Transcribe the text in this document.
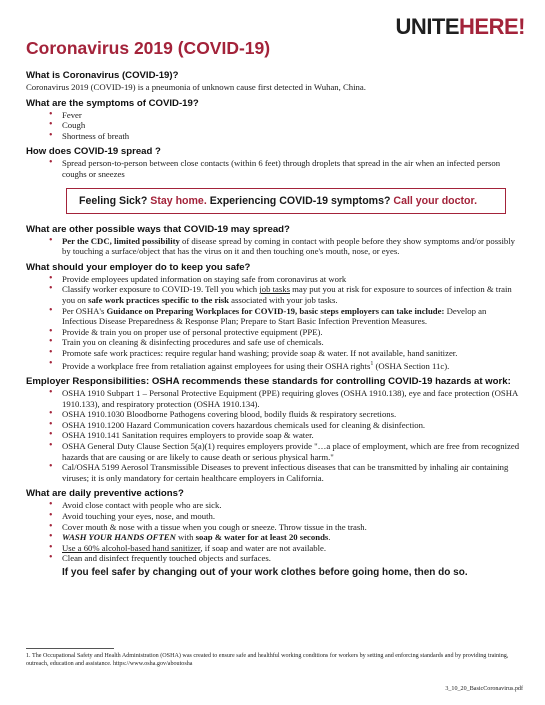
UNITEHERE!
Coronavirus 2019 (COVID-19)
What is Coronavirus (COVID-19)?

Coronavirus 2019 (COVID-19) is a pneumonia of unknown cause first detected in Wuhan, China.

What are the symptoms of COVID-19?
• Fever
• Cough
• Shortness of breath
How does COVID-19 spread ?
• Spread person-to-person between close contacts (within 6 feet) through droplets that spread in the air when an infected person coughs or sneezes
Feeling Sick? Stay home. Experiencing COVID-19 symptoms? Call your doctor.
What are other possible ways that COVID-19 may spread?
• Per the CDC, limited possibility of disease spread by coming in contact with people before they show symptoms and/or possibly by touching a surface/object that has the virus on it and then touching one's mouth, nose, or eyes.
What should your employer do to keep you safe?
• Provide employees updated information on staying safe from coronavirus at work
• Classify worker exposure to COVID-19. Tell you which job tasks may put you at risk for exposure to sources of infection & train you on safe work practices specific to the risk associated with your job tasks.
• Per OSHA's Guidance on Preparing Workplaces for COVID-19, basic steps employers can take include: Develop an Infectious Disease Preparedness & Response Plan; Prepare to Start Basic Infection Prevention Measures.
• Provide & train you on proper use of personal protective equipment (PPE).
• Train you on cleaning & disinfecting procedures and safe use of chemicals.
• Promote safe work practices: require regular hand washing; provide soap & water. If not available, hand sanitizer.
• Provide a workplace free from retaliation against employees for using their OSHA rights$^1$ (OSHA Section 11c).
Employer Responsibilities: OSHA recommends these standards for controlling COVID-19 hazards at work:
• OSHA 1910 Subpart 1 – Personal Protective Equipment (PPE) requiring gloves (OSHA 1910.138), eye and face protection (OSHA 1910.133), and respiratory protection (OSHA 1910.134).
• OSHA 1910.1030 Bloodborne Pathogens covering blood, bodily fluids & respiratory secretions.
• OSHA 1910.1200 Hazard Communication covers hazardous chemicals used for cleaning & disinfection.
• OSHA 1910.141 Sanitation requires employers to provide soap & water.
• OSHA General Duty Clause Section 5(a)(1) requires employers provide "…a place of employment, which are free from recognized hazards that are causing or are likely to cause death or serious physical harm."
• Cal/OSHA 5199 Aerosol Transmissible Diseases to prevent infectious diseases that can be transmitted by inhaling air containing viruses; it is only mandatory for certain healthcare employers in California.
What are daily preventive actions?
• Avoid close contact with people who are sick.
• Avoid touching your eyes, nose, and mouth.
• Cover mouth & nose with a tissue when you cough or sneeze. Throw tissue in the trash.
• WASH YOUR HANDS OFTEN with soap & water for at least 20 seconds.
• Use a 60% alcohol-based hand sanitizer, if soap and water are not available.
• Clean and disinfect frequently touched objects and surfaces.
If you feel safer by changing out of your work clothes before going home, then do so.
1. The Occupational Safety and Health Administration (OSHA) was created to ensure safe and healthful working conditions for workers by setting and enforcing standards and by providing training, outreach, education and assistance. https://www.osha.gov/aboutosha
3_10_20_BasicCoronavirus.pdf
